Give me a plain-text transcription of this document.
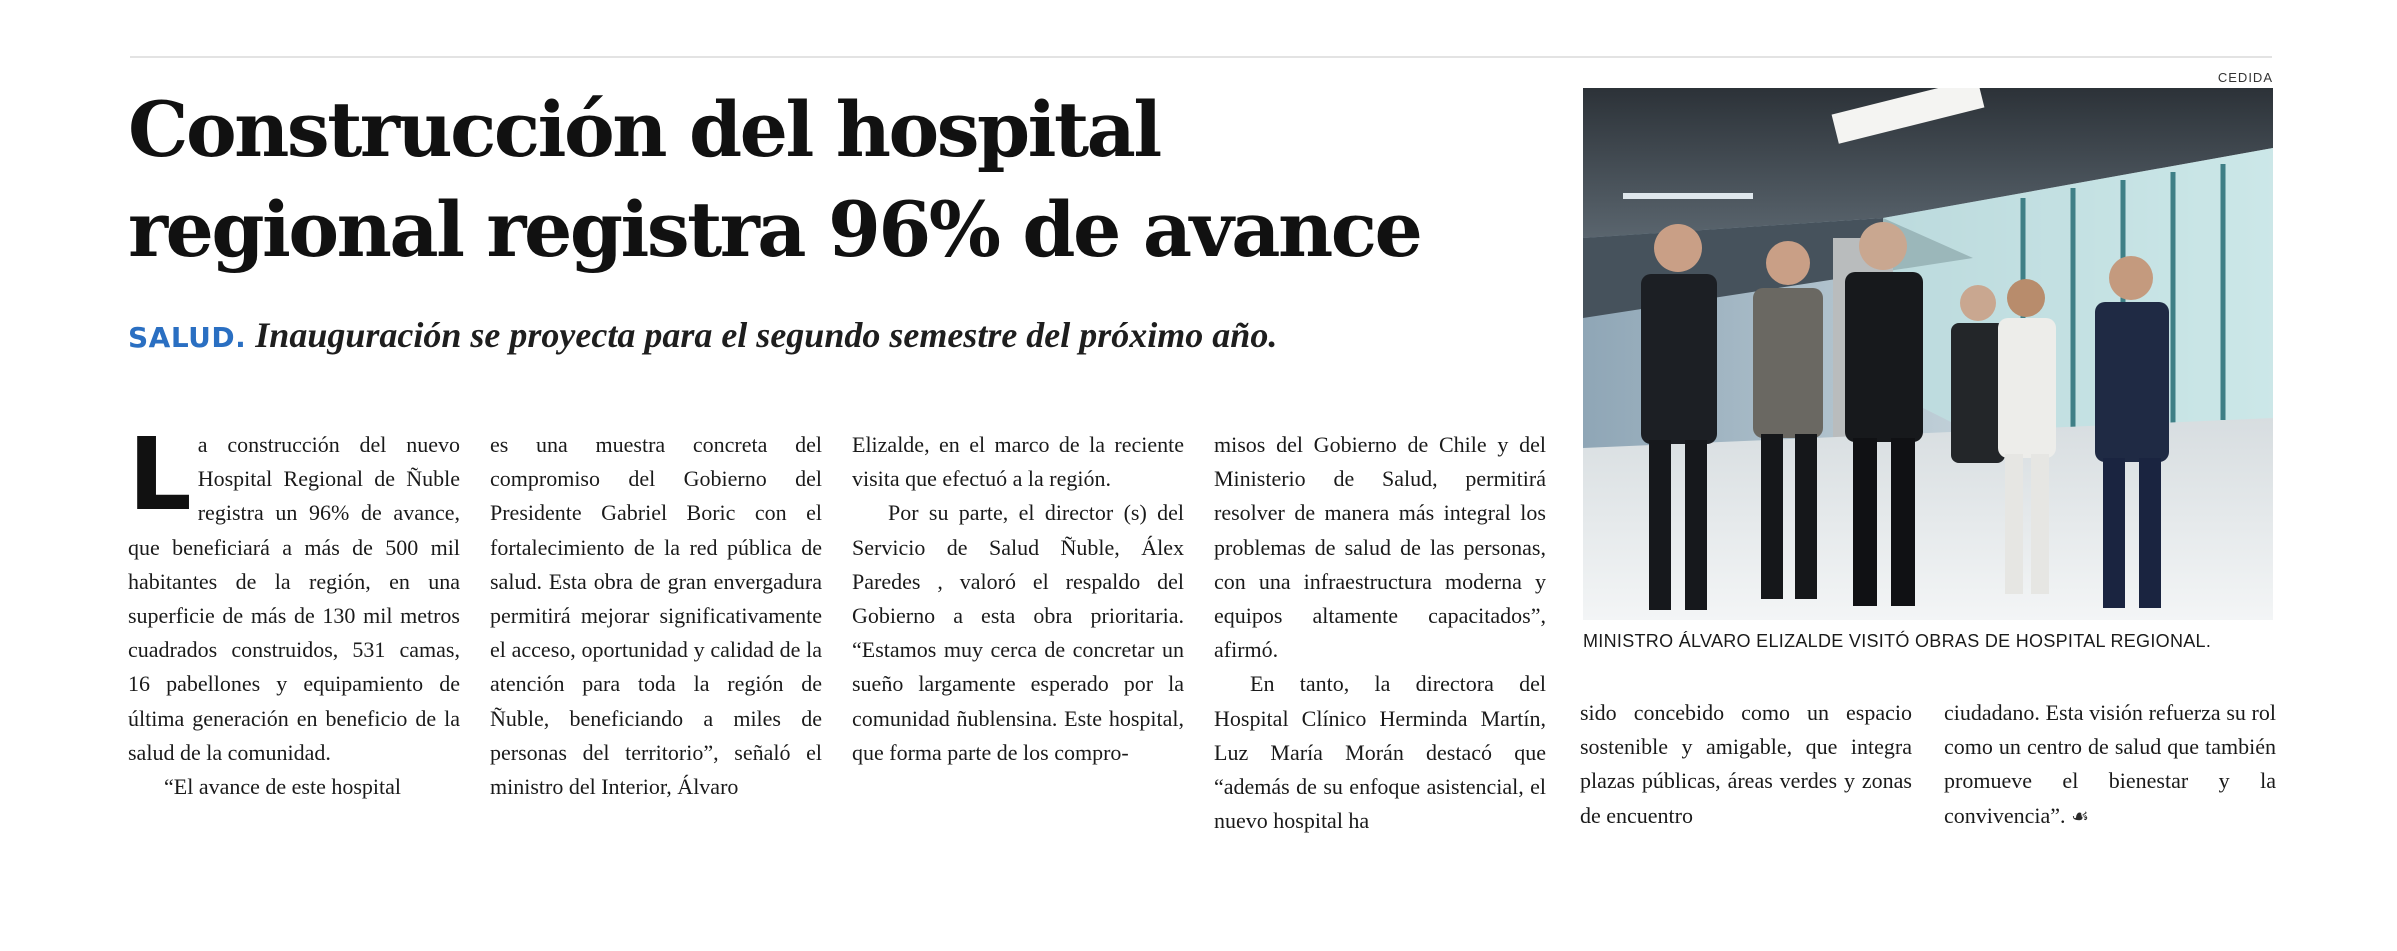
Construcción del hospital
regional registra 96% de avance

SALUD. Inauguración se proyecta para el segundo semestre del próximo año.

La construcción del nuevo Hospital Regional de Ñuble registra un 96% de avance, que beneficiará a más de 500 mil habitantes de la región, en una superficie de más de 130 mil metros cuadrados construidos, 531 camas, 16 pabellones y equipamiento de última generación en beneficio de la salud de la comunidad.

“El avance de este hospital

es una muestra concreta del compromiso del Gobierno del Presidente Gabriel Boric con el fortalecimiento de la red pública de salud. Esta obra de gran envergadura permitirá mejorar significativamente el acceso, oportunidad y calidad de la atención para toda la región de Ñuble, beneficiando a miles de personas del territorio”, señaló el ministro del Interior, Álvaro

Elizalde, en el marco de la reciente visita que efectuó a la región.

Por su parte, el director (s) del Servicio de Salud Ñuble, Álex Paredes , valoró el respaldo del Gobierno a esta obra prioritaria. “Estamos muy cerca de concretar un sueño largamente esperado por la comunidad ñublensina. Este hospital, que forma parte de los compro-

misos del Gobierno de Chile y del Ministerio de Salud, permitirá resolver de manera más integral los problemas de salud de las personas, con una infraestructura moderna y equipos altamente capacitados”, afirmó.

En tanto, la directora del Hospital Clínico Herminda Martín, Luz María Morán destacó que “además de su enfoque asistencial, el nuevo hospital ha

sido concebido como un espacio sostenible y amigable, que integra plazas públicas, áreas verdes y zonas de encuentro

ciudadano. Esta visión refuerza su rol como un centro de salud que también promueve el bienestar y la convivencia”. ☙

CEDIDA

MINISTRO ÁLVARO ELIZALDE VISITÓ OBRAS DE HOSPITAL REGIONAL.
